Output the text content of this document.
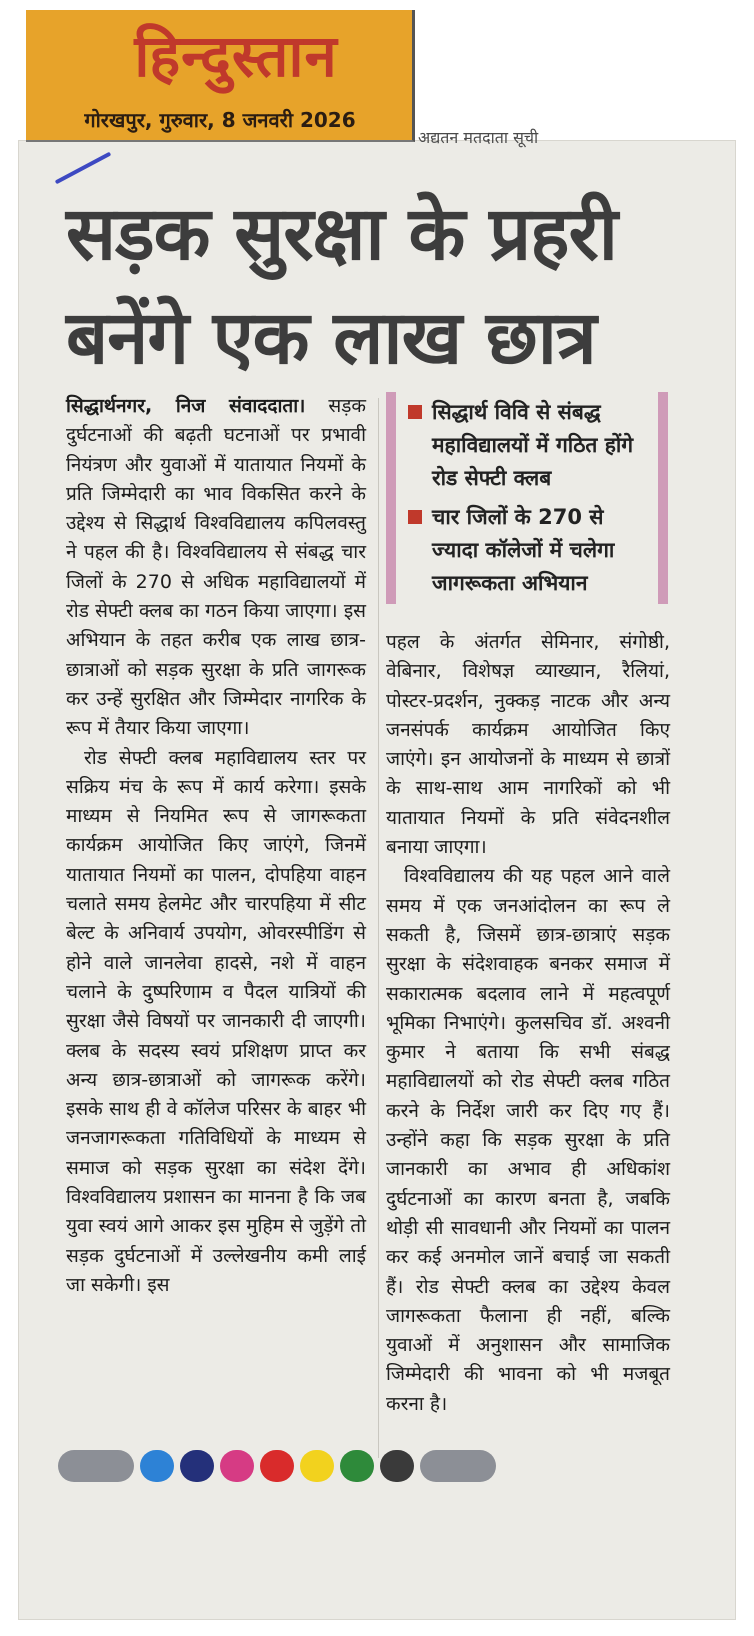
हिन्दुस्तान
गोरखपुर, गुरुवार, 8 जनवरी 2026
अद्यतन मतदाता सूची
सड़क सुरक्षा के प्रहरी
बनेंगे एक लाख छात्र

सिद्धार्थनगर, निज संवाददाता। सड़क दुर्घटनाओं की बढ़ती घटनाओं पर प्रभावी नियंत्रण और युवाओं में यातायात नियमों के प्रति जिम्मेदारी का भाव विकसित करने के उद्देश्य से सिद्धार्थ विश्वविद्यालय कपिलवस्तु ने पहल की है। विश्वविद्यालय से संबद्ध चार जिलों के 270 से अधिक महाविद्यालयों में रोड सेफ्टी क्लब का गठन किया जाएगा। इस अभियान के तहत करीब एक लाख छात्र-छात्राओं को सड़क सुरक्षा के प्रति जागरूक कर उन्हें सुरक्षित और जिम्मेदार नागरिक के रूप में तैयार किया जाएगा।

रोड सेफ्टी क्लब महाविद्यालय स्तर पर सक्रिय मंच के रूप में कार्य करेगा। इसके माध्यम से नियमित रूप से जागरूकता कार्यक्रम आयोजित किए जाएंगे, जिनमें यातायात नियमों का पालन, दोपहिया वाहन चलाते समय हेलमेट और चारपहिया में सीट बेल्ट के अनिवार्य उपयोग, ओवरस्पीडिंग से होने वाले जानलेवा हादसे, नशे में वाहन चलाने के दुष्परिणाम व पैदल यात्रियों की सुरक्षा जैसे विषयों पर जानकारी दी जाएगी। क्लब के सदस्य स्वयं प्रशिक्षण प्राप्त कर अन्य छात्र-छात्राओं को जागरूक करेंगे। इसके साथ ही वे कॉलेज परिसर के बाहर भी जनजागरूकता गतिविधियों के माध्यम से समाज को सड़क सुरक्षा का संदेश देंगे। विश्वविद्यालय प्रशासन का मानना है कि जब युवा स्वयं आगे आकर इस मुहिम से जुड़ेंगे तो सड़क दुर्घटनाओं में उल्लेखनीय कमी लाई जा सकेगी। इस

सिद्धार्थ विवि से संबद्ध महाविद्यालयों में गठित होंगे रोड सेफ्टी क्लब
चार जिलों के 270 से ज्यादा कॉलेजों में चलेगा जागरूकता अभियान

पहल के अंतर्गत सेमिनार, संगोष्ठी, वेबिनार, विशेषज्ञ व्याख्यान, रैलियां, पोस्टर-प्रदर्शन, नुक्कड़ नाटक और अन्य जनसंपर्क कार्यक्रम आयोजित किए जाएंगे। इन आयोजनों के माध्यम से छात्रों के साथ-साथ आम नागरिकों को भी यातायात नियमों के प्रति संवेदनशील बनाया जाएगा।

विश्वविद्यालय की यह पहल आने वाले समय में एक जनआंदोलन का रूप ले सकती है, जिसमें छात्र-छात्राएं सड़क सुरक्षा के संदेशवाहक बनकर समाज में सकारात्मक बदलाव लाने में महत्वपूर्ण भूमिका निभाएंगे। कुलसचिव डॉ. अश्वनी कुमार ने बताया कि सभी संबद्ध महाविद्यालयों को रोड सेफ्टी क्लब गठित करने के निर्देश जारी कर दिए गए हैं। उन्होंने कहा कि सड़क सुरक्षा के प्रति जानकारी का अभाव ही अधिकांश दुर्घटनाओं का कारण बनता है, जबकि थोड़ी सी सावधानी और नियमों का पालन कर कई अनमोल जानें बचाई जा सकती हैं। रोड सेफ्टी क्लब का उद्देश्य केवल जागरूकता फैलाना ही नहीं, बल्कि युवाओं में अनुशासन और सामाजिक जिम्मेदारी की भावना को भी मजबूत करना है।
